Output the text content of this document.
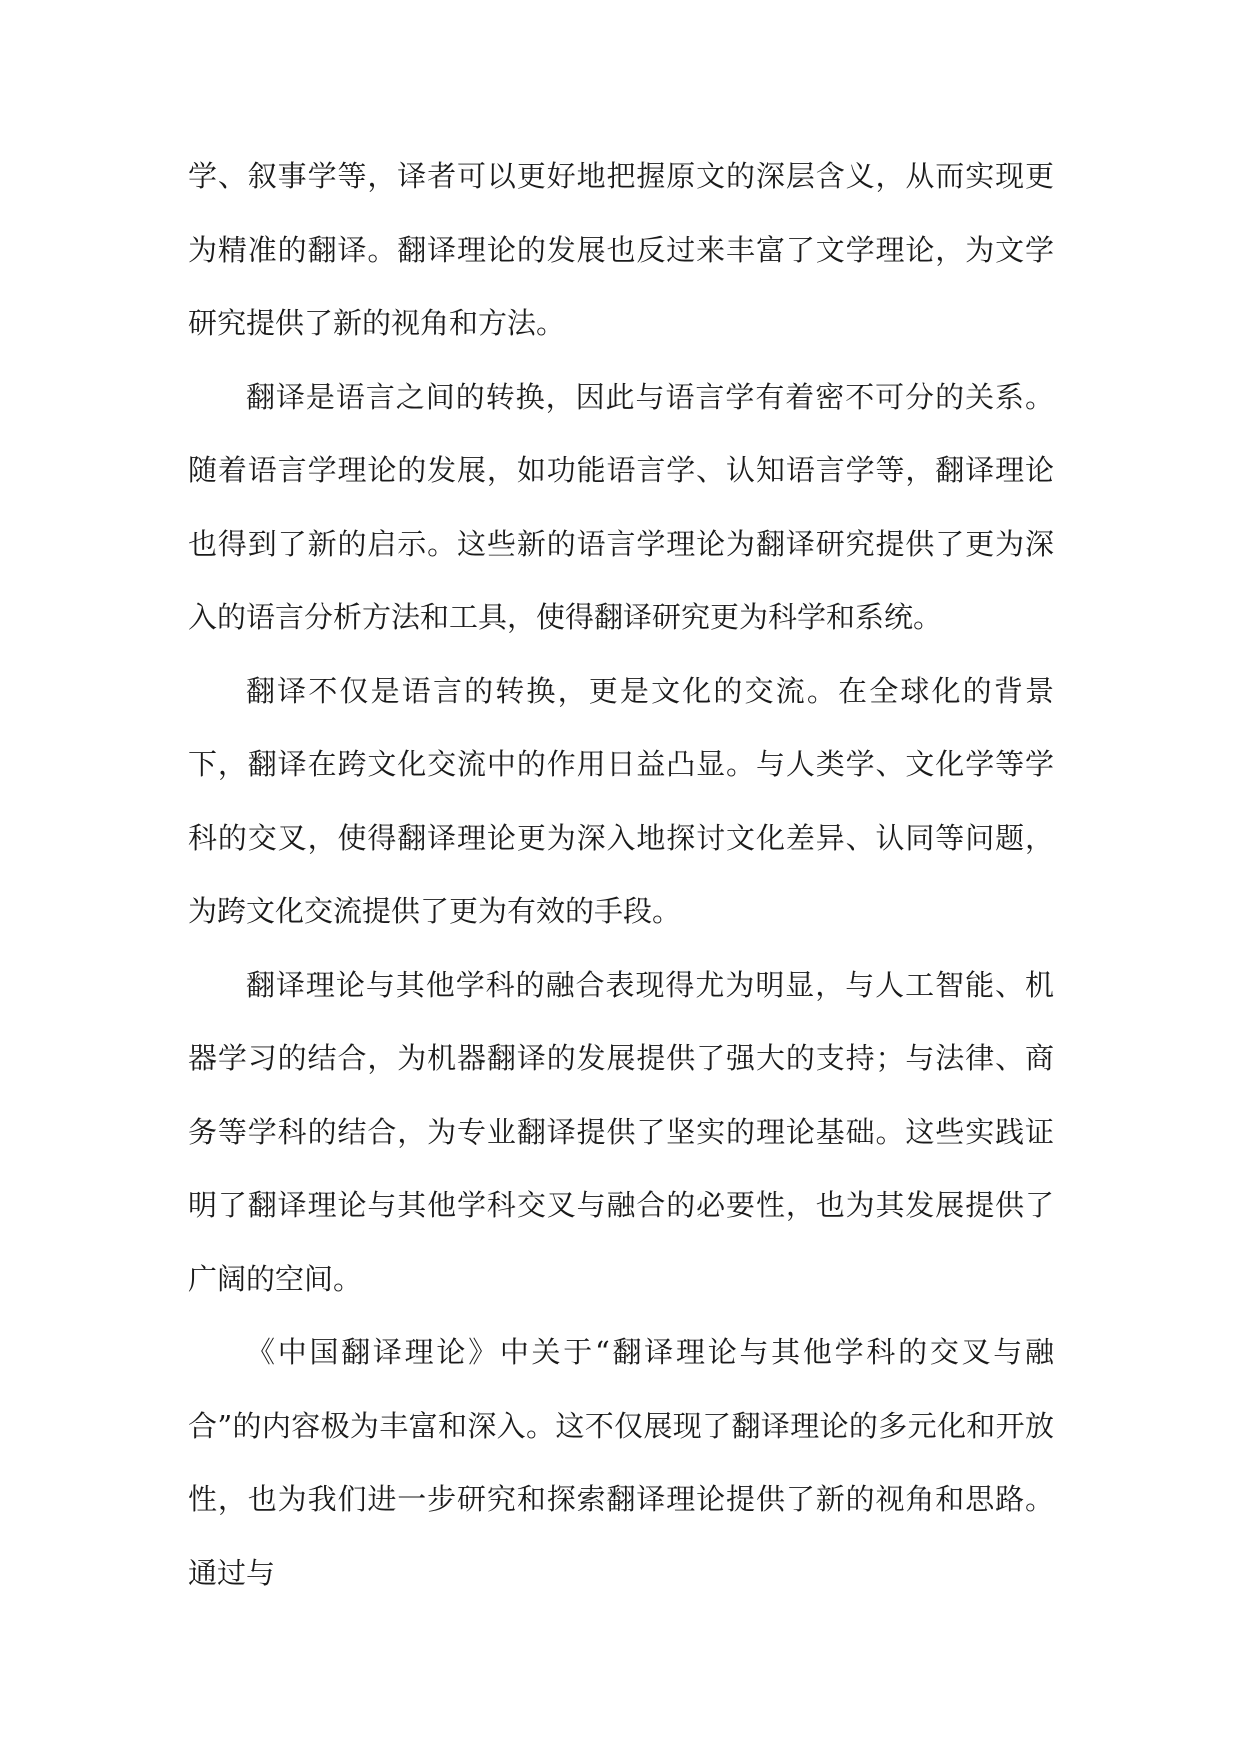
学、叙事学等，译者可以更好地把握原文的深层含义，从而实现更为精准的翻译。翻译理论的发展也反过来丰富了文学理论，为文学研究提供了新的视角和方法。

翻译是语言之间的转换，因此与语言学有着密不可分的关系。随着语言学理论的发展，如功能语言学、认知语言学等，翻译理论也得到了新的启示。这些新的语言学理论为翻译研究提供了更为深入的语言分析方法和工具，使得翻译研究更为科学和系统。

翻译不仅是语言的转换，更是文化的交流。在全球化的背景下，翻译在跨文化交流中的作用日益凸显。与人类学、文化学等学科的交叉，使得翻译理论更为深入地探讨文化差异、认同等问题，为跨文化交流提供了更为有效的手段。

翻译理论与其他学科的融合表现得尤为明显，与人工智能、机器学习的结合，为机器翻译的发展提供了强大的支持；与法律、商务等学科的结合，为专业翻译提供了坚实的理论基础。这些实践证明了翻译理论与其他学科交叉与融合的必要性，也为其发展提供了广阔的空间。

《中国翻译理论》中关于“翻译理论与其他学科的交叉与融合”的内容极为丰富和深入。这不仅展现了翻译理论的多元化和开放性，也为我们进一步研究和探索翻译理论提供了新的视角和思路。通过与
